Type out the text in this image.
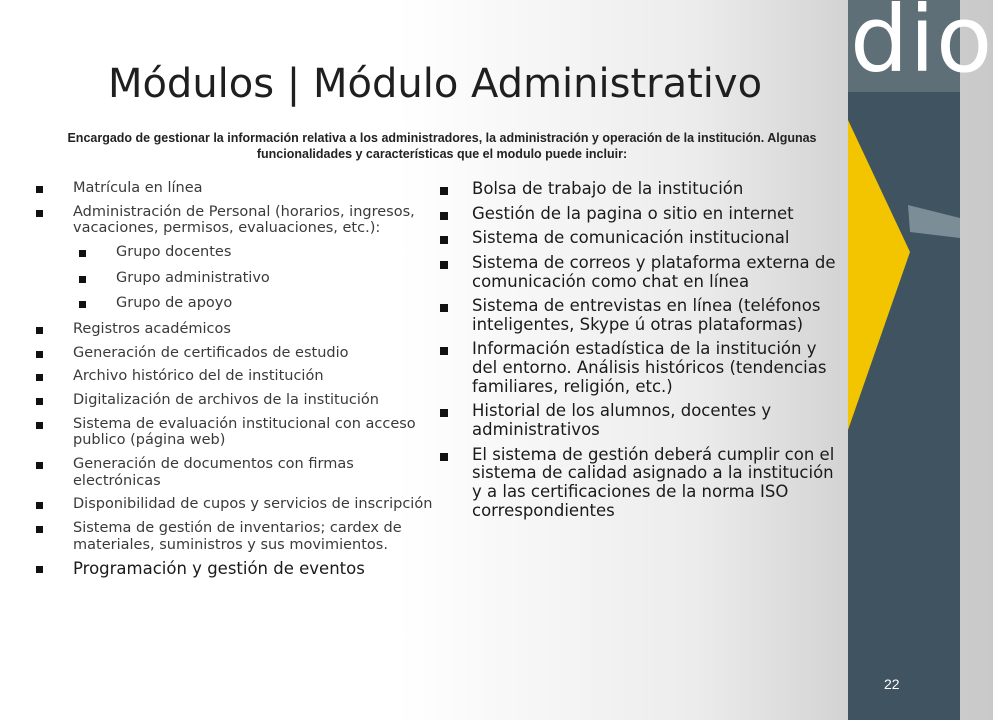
dio
Módulos | Módulo Administrativo
Encargado de gestionar la información relativa a los administradores, la administración y operación de la institución. Algunas funcionalidades y características que el modulo puede incluir:
Matrícula en línea
Administración de Personal (horarios, ingresos, vacaciones, permisos, evaluaciones, etc.):
Grupo docentes
Grupo administrativo
Grupo de apoyo
Registros académicos
Generación de certificados de estudio
Archivo histórico del de institución
Digitalización de archivos de la institución
Sistema de evaluación institucional con acceso publico (página web)
Generación de documentos con firmas electrónicas
Disponibilidad de cupos y servicios de inscripción
Sistema de gestión de inventarios; cardex de materiales, suministros y sus movimientos.
Programación y gestión de eventos
Bolsa de trabajo de la institución
Gestión de la pagina o sitio en internet
Sistema de comunicación institucional
Sistema de correos y plataforma externa de comunicación como chat en línea
Sistema de entrevistas en línea (teléfonos inteligentes, Skype ú otras plataformas)
Información estadística de la institución y del entorno. Análisis históricos (tendencias familiares, religión, etc.)
Historial de los alumnos, docentes y administrativos
El sistema de gestión deberá cumplir con el sistema de calidad asignado a la institución y a las certificaciones de la norma ISO correspondientes
22
